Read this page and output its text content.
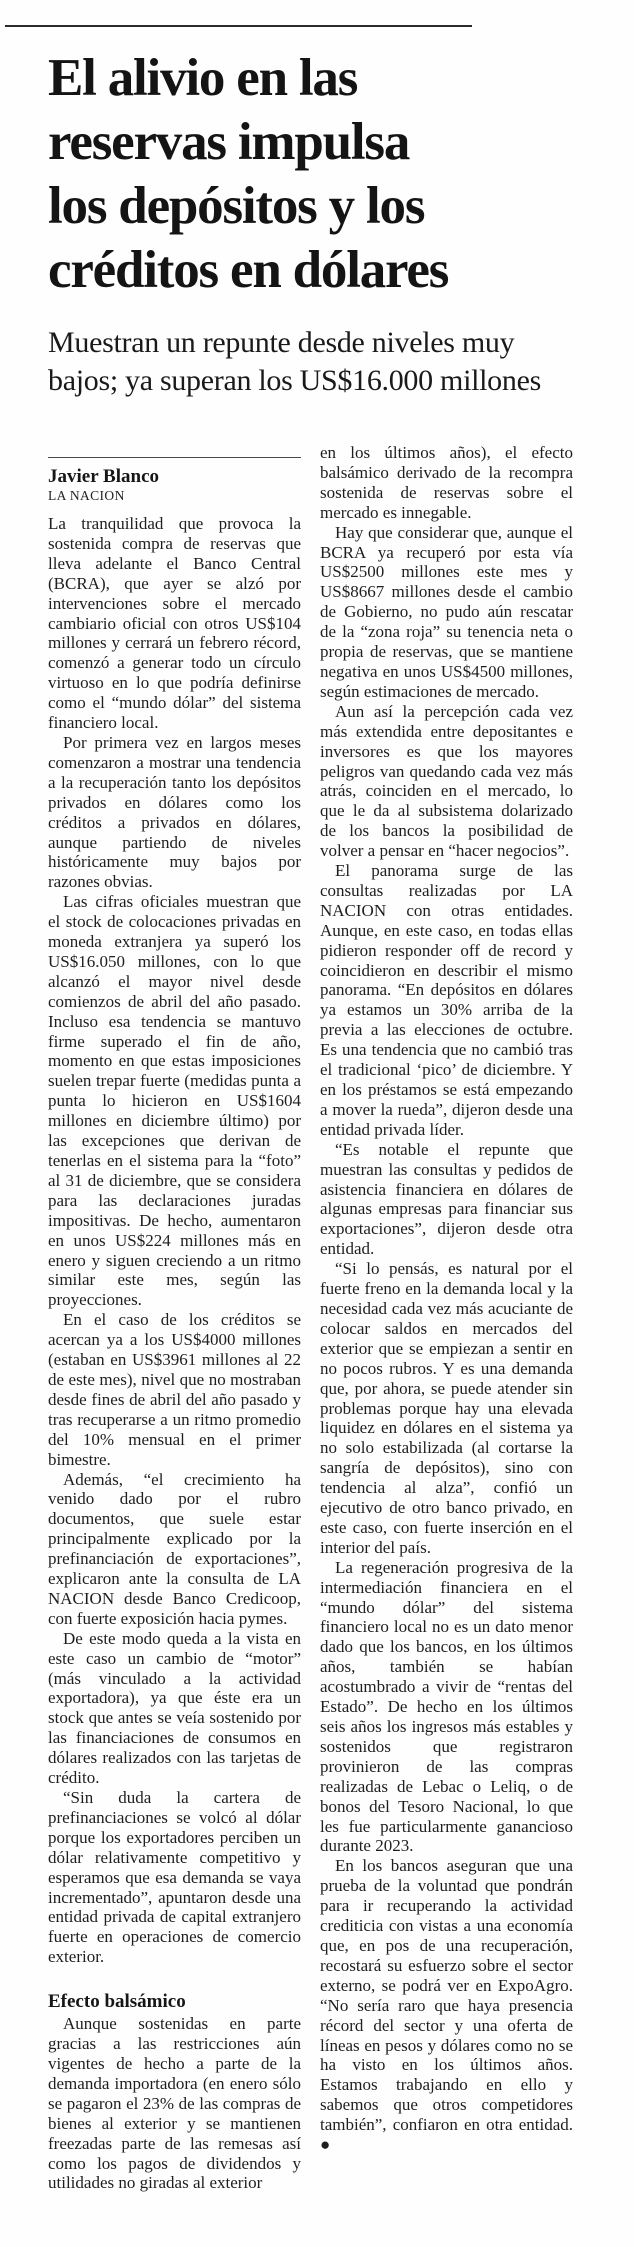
El alivio en las
reservas impulsa
los depósitos y los
créditos en dólares
Muestran un repunte desde niveles muy
bajos; ya superan los US$16.000 millones
Javier Blanco
LA NACION

La tranquilidad que provoca la sostenida compra de reservas que lleva adelante el Banco Central (BCRA), que ayer se alzó por intervenciones sobre el mercado cambiario oficial con otros US$104 millones y cerrará un febrero récord, comenzó a generar todo un círculo virtuoso en lo que podría definirse como el “mundo dólar” del sistema financiero local.

Por primera vez en largos meses comenzaron a mostrar una tendencia a la recuperación tanto los depósitos privados en dólares como los créditos a privados en dólares, aunque partiendo de niveles históricamente muy bajos por razones obvias.

Las cifras oficiales muestran que el stock de colocaciones privadas en moneda extranjera ya superó los US$16.050 millones, con lo que alcanzó el mayor nivel desde comienzos de abril del año pasado. Incluso esa tendencia se mantuvo firme superado el fin de año, momento en que estas imposiciones suelen trepar fuerte (medidas punta a punta lo hicieron en US$1604 millones en diciembre último) por las excepciones que derivan de tenerlas en el sistema para la “foto” al 31 de diciembre, que se considera para las declaraciones juradas impositivas. De hecho, aumentaron en unos US$224 millones más en enero y siguen creciendo a un ritmo similar este mes, según las proyecciones.

En el caso de los créditos se acercan ya a los US$4000 millones (estaban en US$3961 millones al 22 de este mes), nivel que no mostraban desde fines de abril del año pasado y tras recuperarse a un ritmo promedio del 10% mensual en el primer bimestre.

Además, “el crecimiento ha venido dado por el rubro documentos, que suele estar principalmente explicado por la prefinanciación de exportaciones”, explicaron ante la consulta de LA NACION desde Banco Credicoop, con fuerte exposición hacia pymes.

De este modo queda a la vista en este caso un cambio de “motor” (más vinculado a la actividad exportadora), ya que éste era un stock que antes se veía sostenido por las financiaciones de consumos en dólares realizados con las tarjetas de crédito.

“Sin duda la cartera de prefinanciaciones se volcó al dólar porque los exportadores perciben un dólar relativamente competitivo y esperamos que esa demanda se vaya incrementado”, apuntaron desde una entidad privada de capital extranjero fuerte en operaciones de comercio exterior.

Efecto balsámico

Aunque sostenidas en parte gracias a las restricciones aún vigentes de hecho a parte de la demanda importadora (en enero sólo se pagaron el 23% de las compras de bienes al exterior y se mantienen freezadas parte de las remesas así como los pagos de dividendos y utilidades no giradas al exterior

en los últimos años), el efecto balsámico derivado de la recompra sostenida de reservas sobre el mercado es innegable.

Hay que considerar que, aunque el BCRA ya recuperó por esta vía US$2500 millones este mes y US$8667 millones desde el cambio de Gobierno, no pudo aún rescatar de la “zona roja” su tenencia neta o propia de reservas, que se mantiene negativa en unos US$4500 millones, según estimaciones de mercado.

Aun así la percepción cada vez más extendida entre depositantes e inversores es que los mayores peligros van quedando cada vez más atrás, coinciden en el mercado, lo que le da al subsistema dolarizado de los bancos la posibilidad de volver a pensar en “hacer negocios”.

El panorama surge de las consultas realizadas por LA NACION con otras entidades. Aunque, en este caso, en todas ellas pidieron responder off de record y coincidieron en describir el mismo panorama. “En depósitos en dólares ya estamos un 30% arriba de la previa a las elecciones de octubre. Es una tendencia que no cambió tras el tradicional ‘pico’ de diciembre. Y en los préstamos se está empezando a mover la rueda”, dijeron desde una entidad privada líder.

“Es notable el repunte que muestran las consultas y pedidos de asistencia financiera en dólares de algunas empresas para financiar sus exportaciones”, dijeron desde otra entidad.

“Si lo pensás, es natural por el fuerte freno en la demanda local y la necesidad cada vez más acuciante de colocar saldos en mercados del exterior que se empiezan a sentir en no pocos rubros. Y es una demanda que, por ahora, se puede atender sin problemas porque hay una elevada liquidez en dólares en el sistema ya no solo estabilizada (al cortarse la sangría de depósitos), sino con tendencia al alza”, confió un ejecutivo de otro banco privado, en este caso, con fuerte inserción en el interior del país.

La regeneración progresiva de la intermediación financiera en el “mundo dólar” del sistema financiero local no es un dato menor dado que los bancos, en los últimos años, también se habían acostumbrado a vivir de “rentas del Estado”. De hecho en los últimos seis años los ingresos más estables y sostenidos que registraron provinieron de las compras realizadas de Lebac o Leliq, o de bonos del Tesoro Nacional, lo que les fue particularmente ganancioso durante 2023.

En los bancos aseguran que una prueba de la voluntad que pondrán para ir recuperando la actividad crediticia con vistas a una economía que, en pos de una recuperación, recostará su esfuerzo sobre el sector externo, se podrá ver en ExpoAgro. “No sería raro que haya presencia récord del sector y una oferta de líneas en pesos y dólares como no se ha visto en los últimos años. Estamos trabajando en ello y sabemos que otros competidores también”, confiaron en otra entidad. ●
